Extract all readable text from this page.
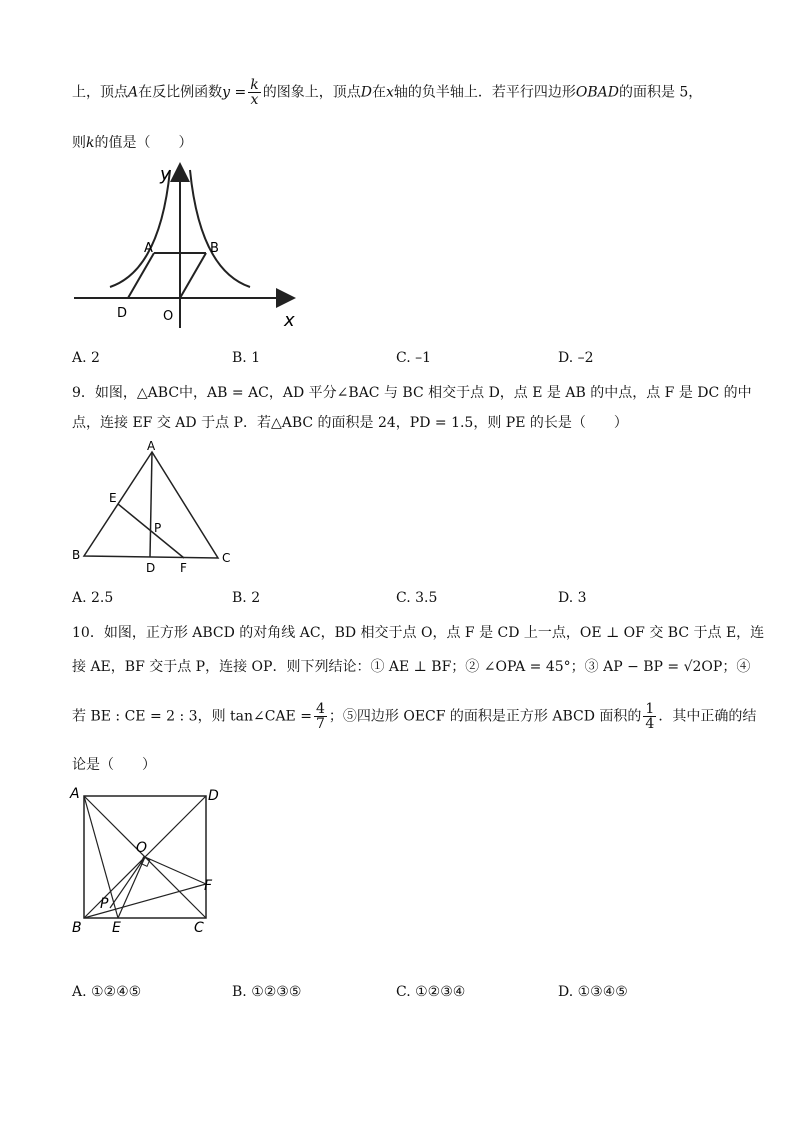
上，顶点A在反比例函数$y = \frac{k}{x}$ 的图象上，顶点D在x轴的负半轴上．若平行四边形OBAD的面积是 5，
则k的值是（　　）
y
x
A	B
D	O
A. 2	B. 1	C. –1	D. –2
9．如图，△ABC中，AB = AC，AD 平分∠BAC 与 BC 相交于点 D，点 E 是 AB 的中点，点 F 是 DC 的中
点，连接 EF 交 AD 于点 P．若△ABC 的面积是 24，PD = 1.5，则 PE 的长是（　　）
A
B	C
D
E
F
P
A. 2.5	B. 2	C. 3.5	D. 3
10．如图，正方形 ABCD 的对角线 AC，BD 相交于点 O，点 F 是 CD 上一点，OE ⊥ OF 交 BC 于点 E，连
接 AE，BF 交于点 P，连接 OP．则下列结论：① AE ⊥ BF；② ∠OPA = 45°；③ AP − BP = √2OP；④
若 BE : CE = 2 : 3，则 tan∠CAE = $\frac{4}{7}$ ；⑤四边形 OECF 的面积是正方形 ABCD 面积的 $\frac{1}{4}$ ．其中正确的结
论是（　　）
A	D
B	C
E
F
O
P
A. ①②④⑤	B. ①②③⑤	C. ①②③④	D. ①③④⑤
